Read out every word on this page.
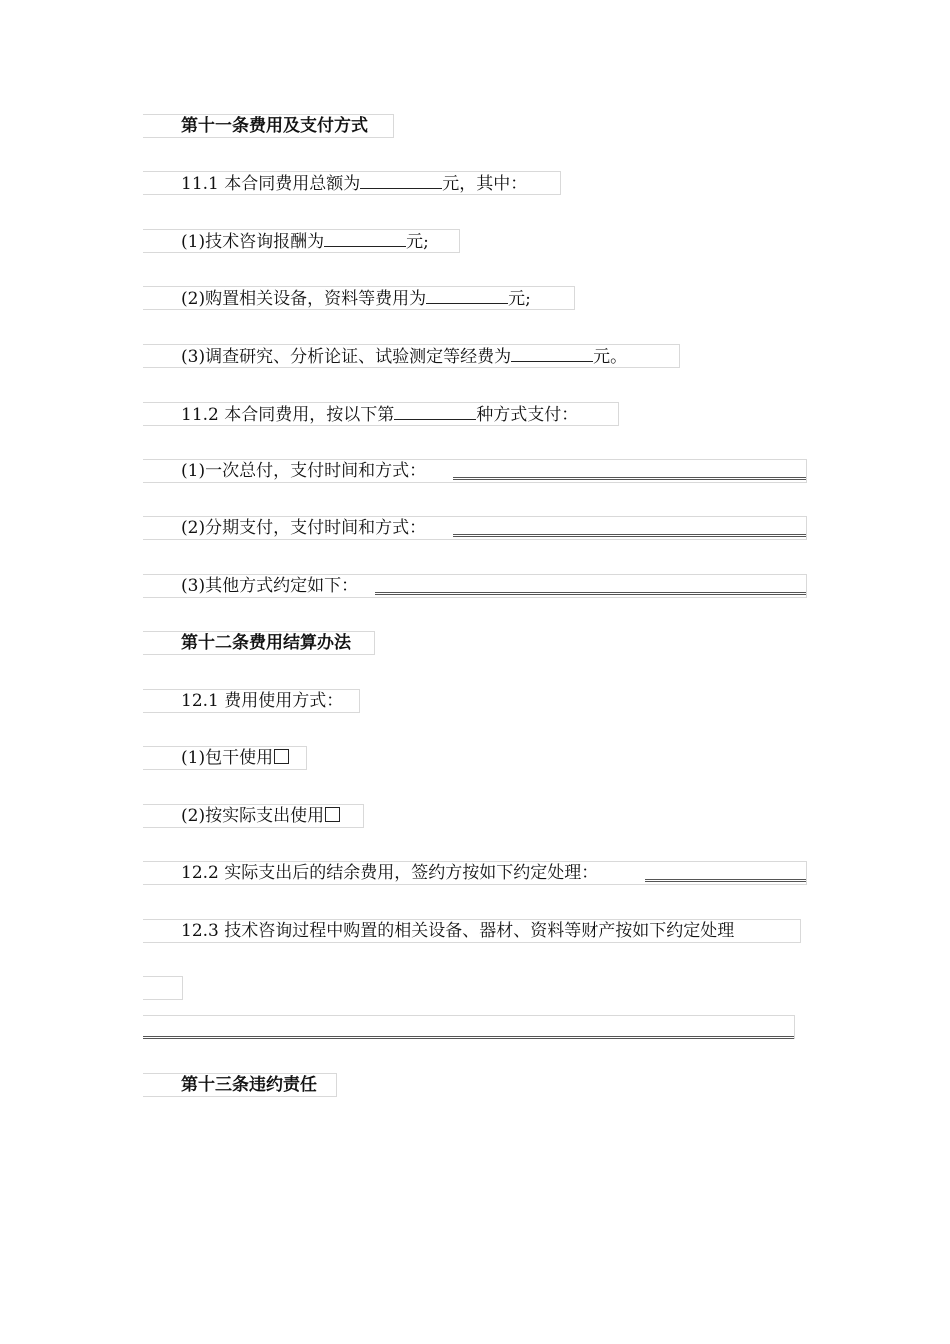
第十一条费用及支付方式
11.1 本合同费用总额为	元，其中：
(1)技术咨询报酬为	元;
(2)购置相关设备，资料等费用为	元;
(3)调查研究、分析论证、试验测定等经费为	元。
11.2 本合同费用，按以下第	种方式支付：
(1)一次总付，支付时间和方式：
(2)分期支付，支付时间和方式：
(3)其他方式约定如下：
第十二条费用结算办法
12.1 费用使用方式：
(1)包干使用
(2)按实际支出使用
12.2 实际支出后的结余费用，签约方按如下约定处理：
12.3 技术咨询过程中购置的相关设备、器材、资料等财产按如下约定处理
第十三条违约责任
